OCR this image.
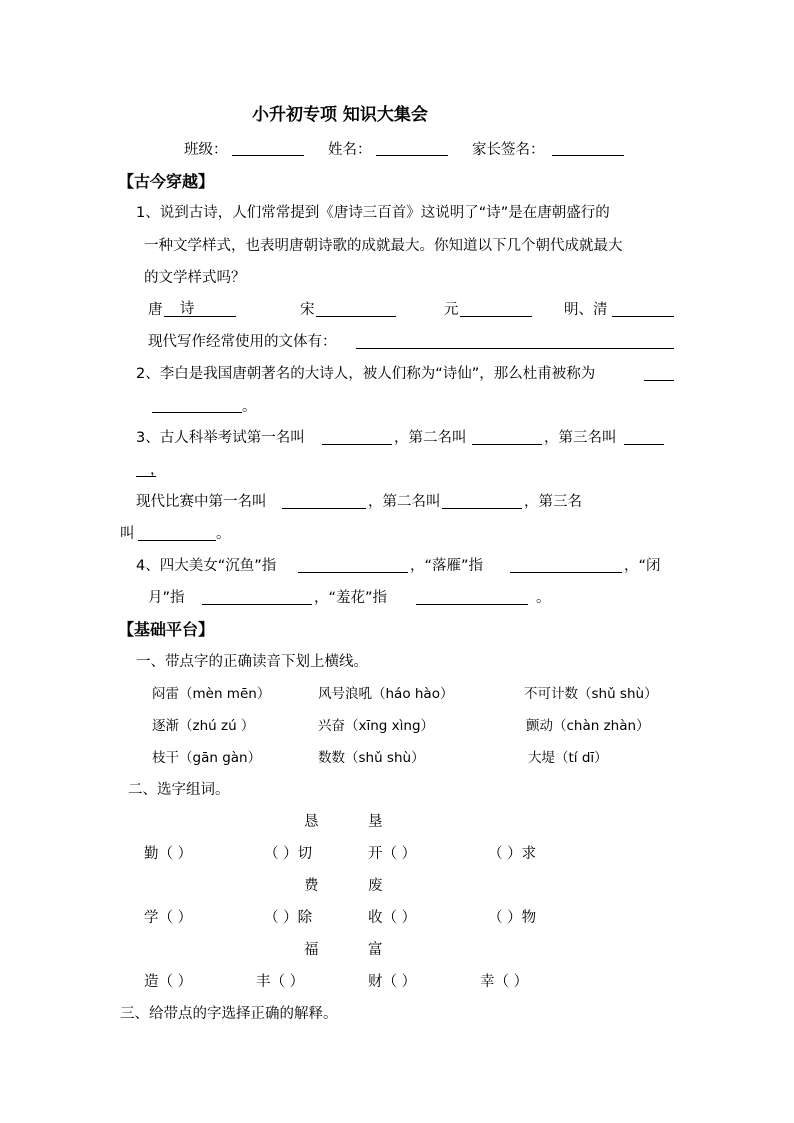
小升初专项 知识大集会
班级：	姓名：	家长签名：
【古今穿越】
1、说到古诗，人们常常提到《唐诗三百首》这说明了“诗”是在唐朝盛行的
一种文学样式，也表明唐朝诗歌的成就最大。你知道以下几个朝代成就最大
的文学样式吗？
唐 诗	宋	元	明、清
现代写作经常使用的文体有：
2、李白是我国唐朝著名的大诗人，被人们称为“诗仙”，那么杜甫被称为
。
3、古人科举考试第一名叫	，第二名叫	，第三名叫
，
现代比赛中第一名叫	，第二名叫	，第三名
叫	。
4、四大美女“沉鱼”指	，“落雁”指	，“闭
月”指	，“羞花”指	。
【基础平台】
一、带点字的正确读音下划上横线。
闷雷（mèn mēn）	风号浪吼（háo hào）	不可计数（shǔ shù）
逐渐（zhú zú ）	兴奋（xīng xìng）	颤动（chàn zhàn）
枝干（gān gàn）	数数（shǔ shù）	大堤（tí dī）
二、选字组词。
恳	垦
勤（ ）	（ ）切	开（ ）	（ ）求
费	废
学（ ）	（ ）除	收（ ）	（ ）物
福	富
造（ ）	丰（ ）	财（ ）	幸（ ）
三、给带点的字选择正确的解释。
